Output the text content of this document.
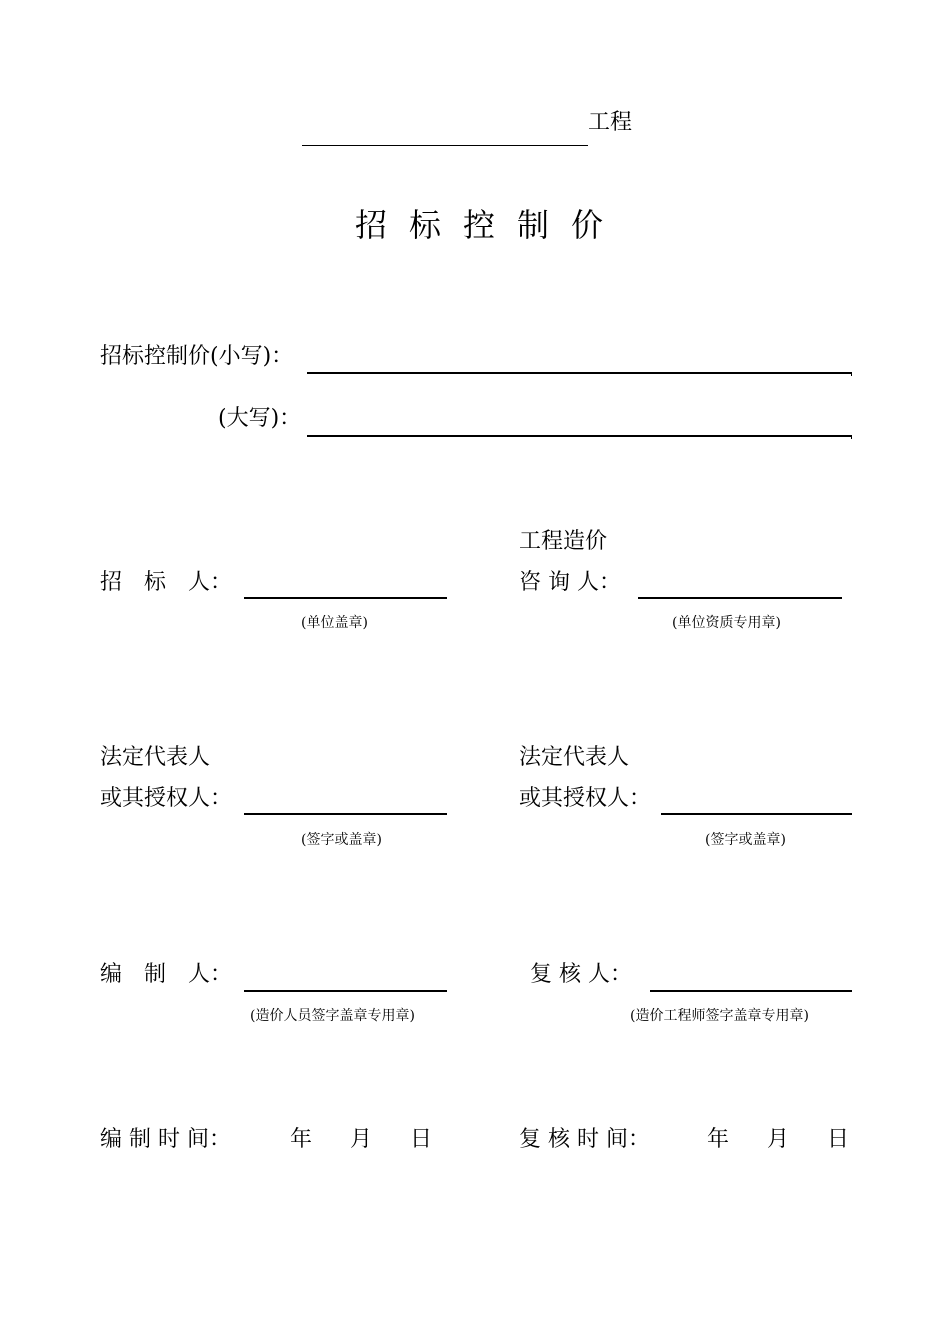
工程
招标控制价
招标控制价(小写)：
(大写)：
招　标　人：
(单位盖章)
工程造价
咨 询 人：
(单位资质专用章)
法定代表人
或其授权人：
(签字或盖章)
法定代表人
或其授权人：
(签字或盖章)
编　制　人：
(造价人员签字盖章专用章)
复 核 人：
(造价工程师签字盖章专用章)
编 制 时 间：	年 月 日	复 核 时 间：	年 月 日
